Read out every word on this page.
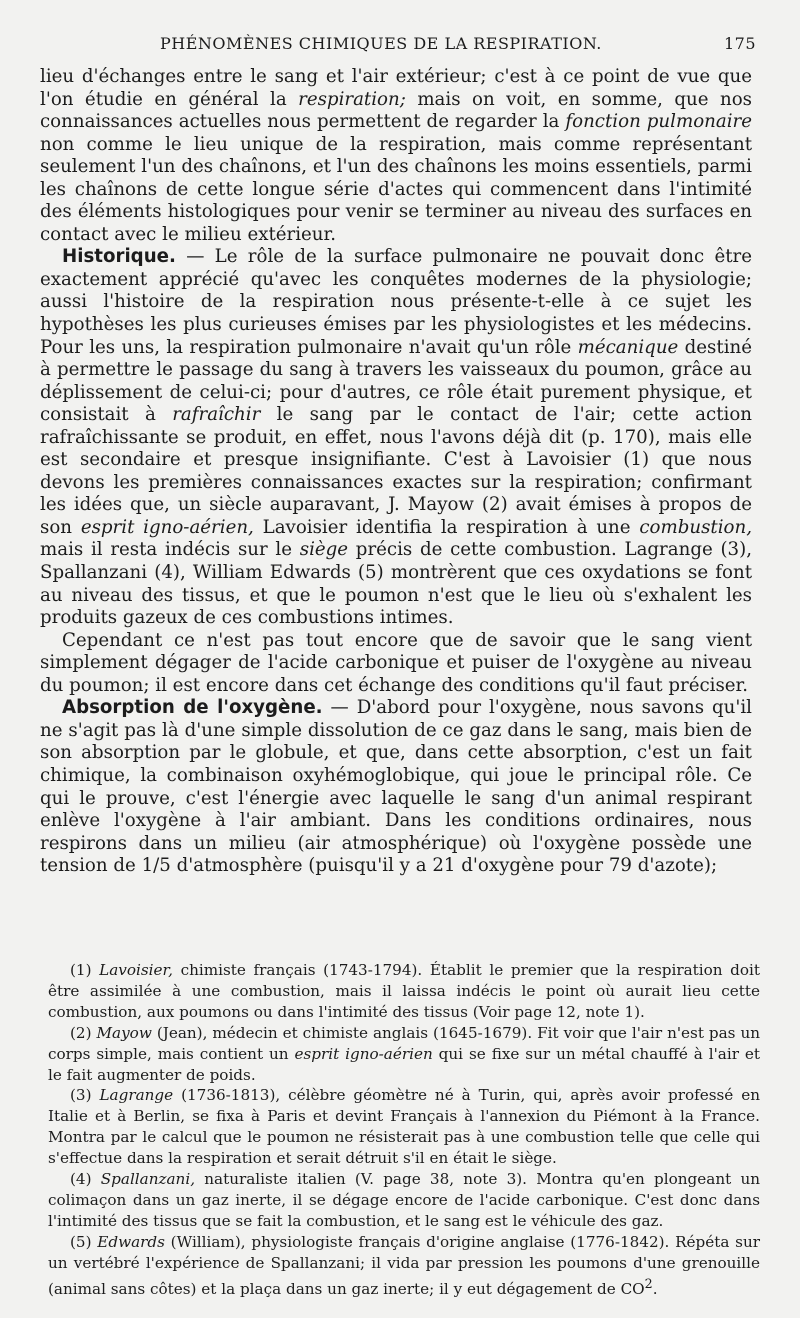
PHÉNOMÈNES CHIMIQUES DE LA RESPIRATION.	175

lieu d'échanges entre le sang et l'air extérieur; c'est à ce point de vue que l'on étudie en général la respiration; mais on voit, en somme, que nos connaissances actuelles nous permettent de regarder la fonction pulmonaire non comme le lieu unique de la respiration, mais comme représentant seulement l'un des chaînons, et l'un des chaînons les moins essentiels, parmi les chaînons de cette longue série d'actes qui commencent dans l'intimité des éléments histologiques pour venir se terminer au niveau des surfaces en contact avec le milieu extérieur.

Historique. — Le rôle de la surface pulmonaire ne pouvait donc être exactement apprécié qu'avec les conquêtes modernes de la physiologie; aussi l'histoire de la respiration nous présente-t-elle à ce sujet les hypothèses les plus curieuses émises par les physiologistes et les médecins. Pour les uns, la respiration pulmonaire n'avait qu'un rôle mécanique destiné à permettre le passage du sang à travers les vaisseaux du poumon, grâce au déplissement de celui-ci; pour d'autres, ce rôle était purement physique, et consistait à rafraîchir le sang par le contact de l'air; cette action rafraîchissante se produit, en effet, nous l'avons déjà dit (p. 170), mais elle est secondaire et presque insignifiante. C'est à Lavoisier (1) que nous devons les premières connaissances exactes sur la respiration; confirmant les idées que, un siècle auparavant, J. Mayow (2) avait émises à propos de son esprit igno-aérien, Lavoisier identifia la respiration à une combustion, mais il resta indécis sur le siège précis de cette combustion. Lagrange (3), Spallanzani (4), William Edwards (5) montrèrent que ces oxydations se font au niveau des tissus, et que le poumon n'est que le lieu où s'exhalent les produits gazeux de ces combustions intimes.

Cependant ce n'est pas tout encore que de savoir que le sang vient simplement dégager de l'acide carbonique et puiser de l'oxygène au niveau du poumon; il est encore dans cet échange des conditions qu'il faut préciser.

Absorption de l'oxygène. — D'abord pour l'oxygène, nous savons qu'il ne s'agit pas là d'une simple dissolution de ce gaz dans le sang, mais bien de son absorption par le globule, et que, dans cette absorption, c'est un fait chimique, la combinaison oxyhémoglobique, qui joue le principal rôle. Ce qui le prouve, c'est l'énergie avec laquelle le sang d'un animal respirant enlève l'oxygène à l'air ambiant. Dans les conditions ordinaires, nous respirons dans un milieu (air atmosphérique) où l'oxygène possède une tension de 1/5 d'atmosphère (puisqu'il y a 21 d'oxygène pour 79 d'azote);

(1) Lavoisier, chimiste français (1743-1794). Établit le premier que la respiration doit être assimilée à une combustion, mais il laissa indécis le point où aurait lieu cette combustion, aux poumons ou dans l'intimité des tissus (Voir page 12, note 1).

(2) Mayow (Jean), médecin et chimiste anglais (1645-1679). Fit voir que l'air n'est pas un corps simple, mais contient un esprit igno-aérien qui se fixe sur un métal chauffé à l'air et le fait augmenter de poids.

(3) Lagrange (1736-1813), célèbre géomètre né à Turin, qui, après avoir professé en Italie et à Berlin, se fixa à Paris et devint Français à l'annexion du Piémont à la France. Montra par le calcul que le poumon ne résisterait pas à une combustion telle que celle qui s'effectue dans la respiration et serait détruit s'il en était le siège.

(4) Spallanzani, naturaliste italien (V. page 38, note 3). Montra qu'en plongeant un colimaçon dans un gaz inerte, il se dégage encore de l'acide carbonique. C'est donc dans l'intimité des tissus que se fait la combustion, et le sang est le véhicule des gaz.

(5) Edwards (William), physiologiste français d'origine anglaise (1776-1842). Répéta sur un vertébré l'expérience de Spallanzani; il vida par pression les poumons d'une grenouille (animal sans côtes) et la plaça dans un gaz inerte; il y eut dégagement de $CO^2$.
